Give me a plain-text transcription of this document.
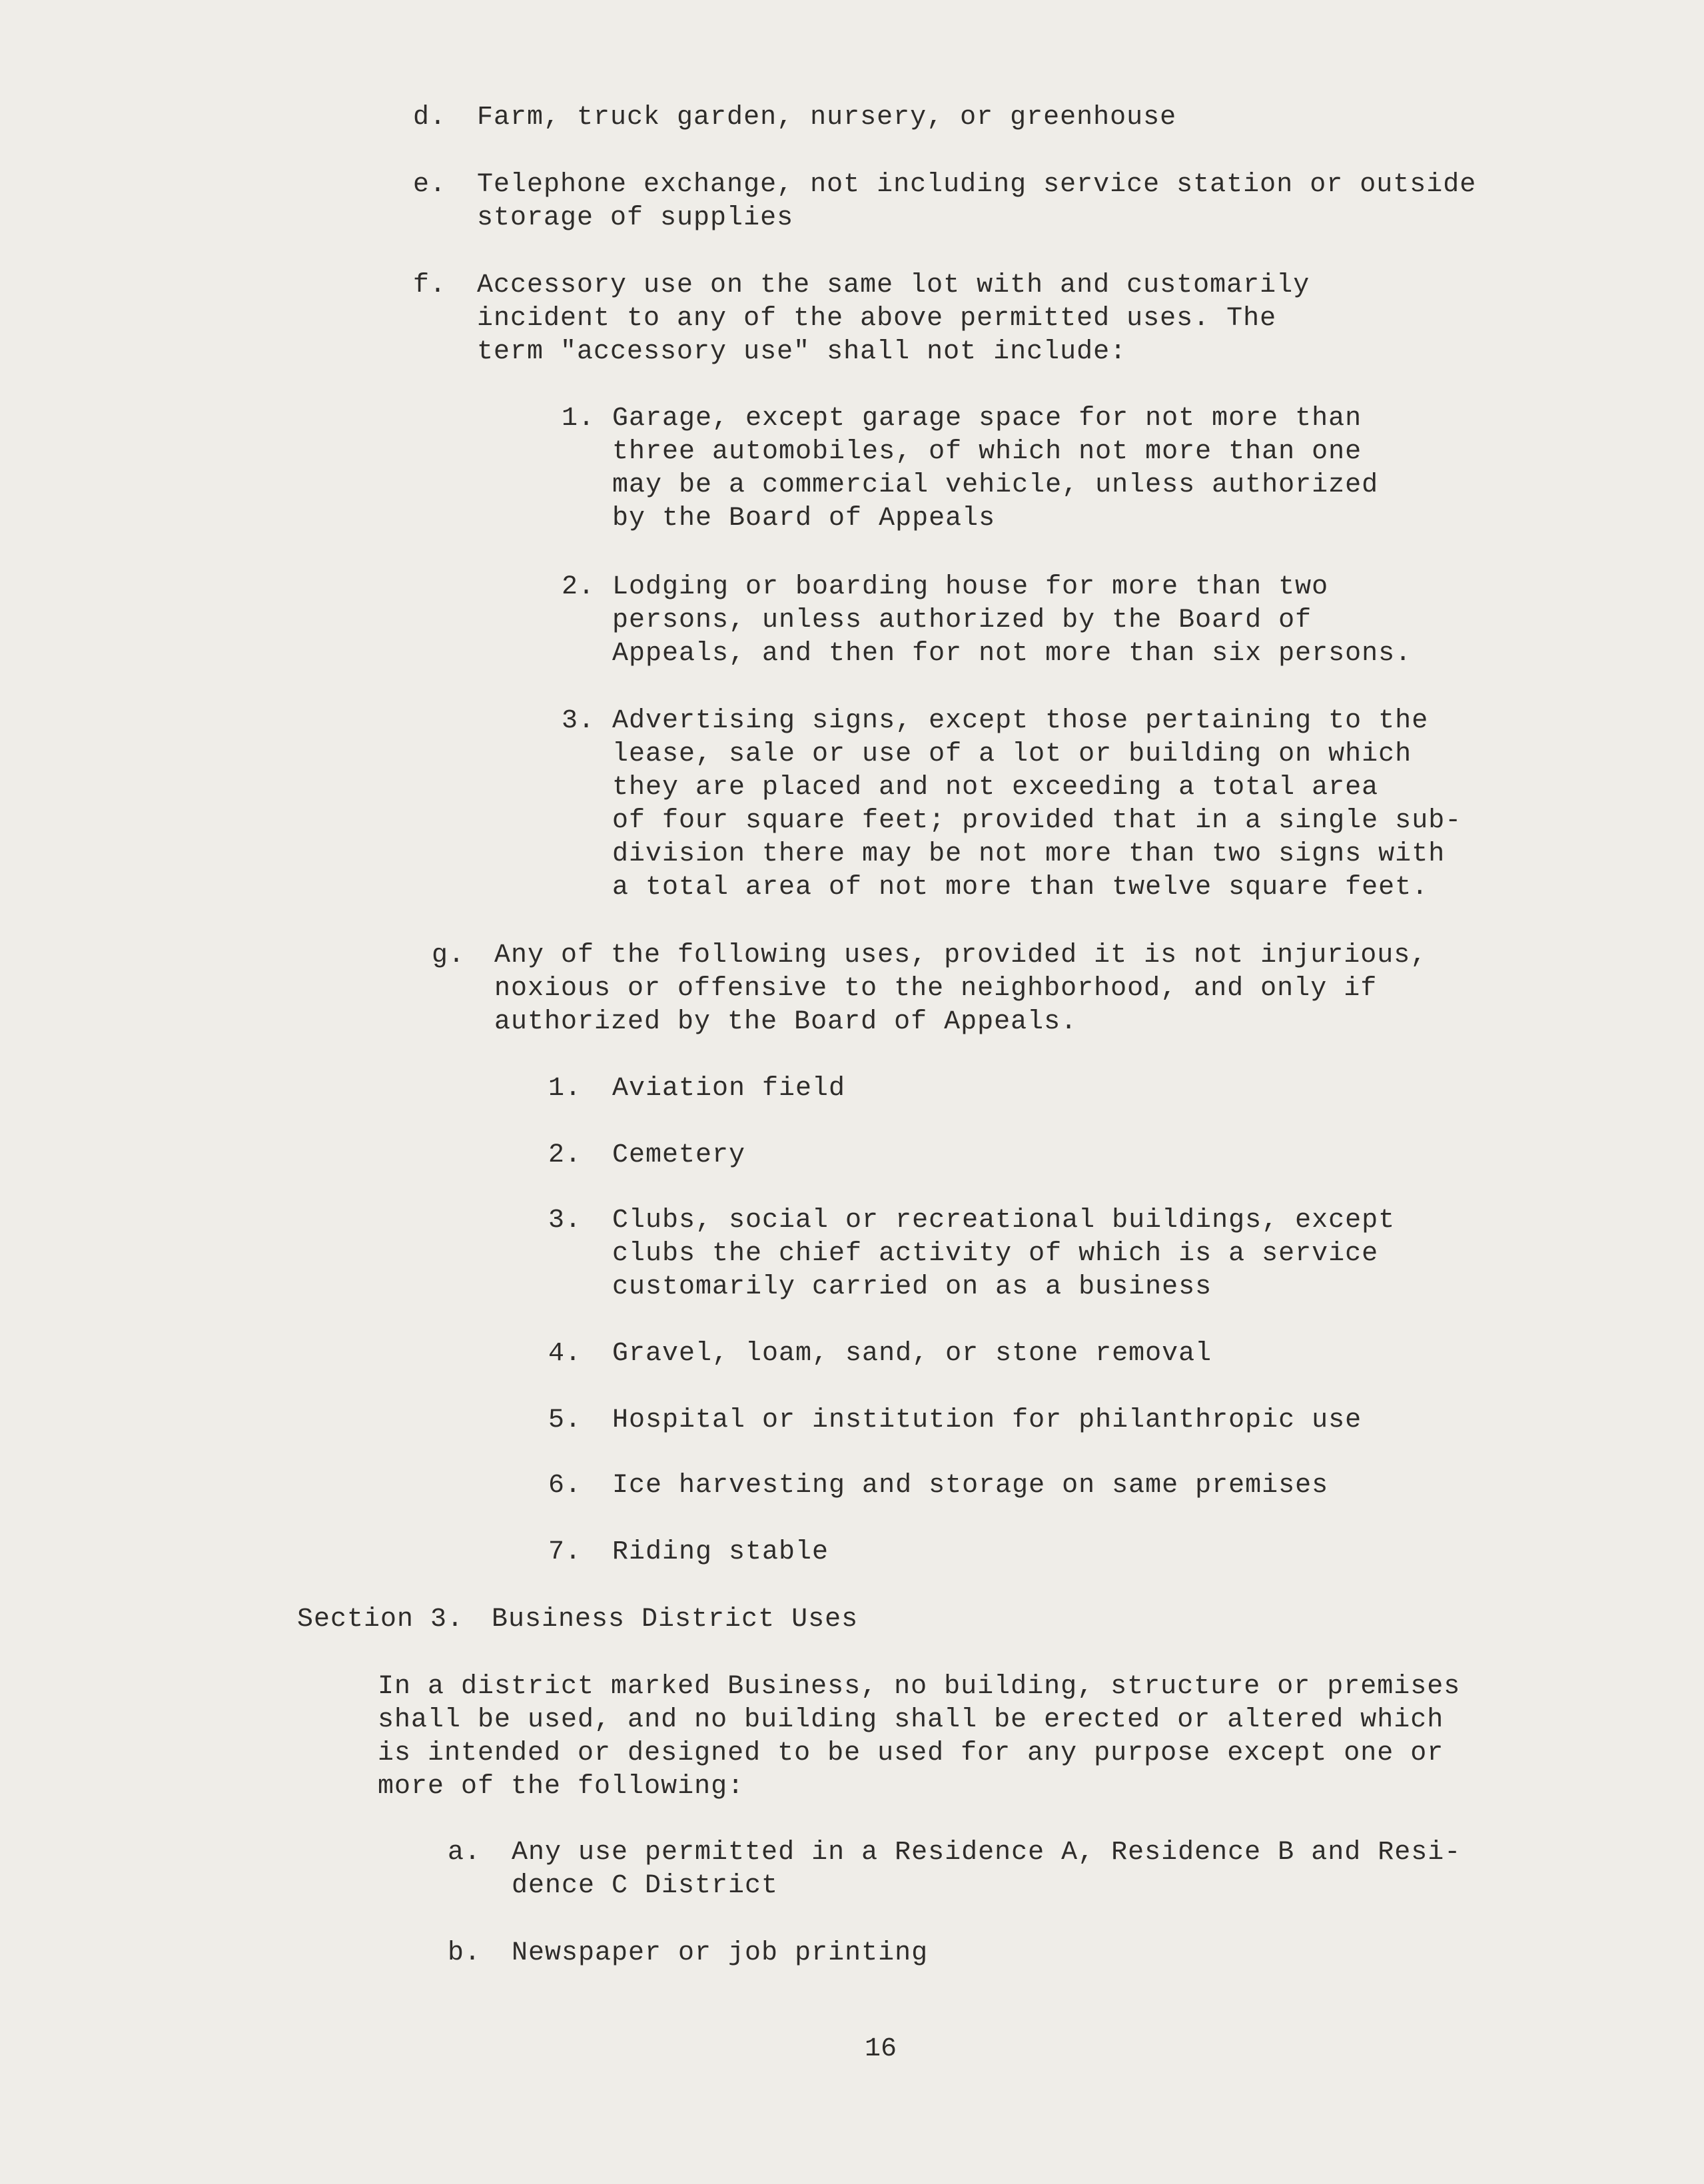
d. Farm, truck garden, nursery, or greenhouse
e. Telephone exchange, not including service station or outside
storage of supplies
f. Accessory use on the same lot with and customarily
incident to any of the above permitted uses. The
term "accessory use" shall not include:
1. Garage, except garage space for not more than
three automobiles, of which not more than one
may be a commercial vehicle, unless authorized
by the Board of Appeals
2. Lodging or boarding house for more than two
persons, unless authorized by the Board of
Appeals, and then for not more than six persons.
3. Advertising signs, except those pertaining to the
lease, sale or use of a lot or building on which
they are placed and not exceeding a total area
of four square feet; provided that in a single sub-
division there may be not more than two signs with
a total area of not more than twelve square feet.
g. Any of the following uses, provided it is not injurious,
noxious or offensive to the neighborhood, and only if
authorized by the Board of Appeals.
1. Aviation field
2. Cemetery
3. Clubs, social or recreational buildings, except
clubs the chief activity of which is a service
customarily carried on as a business
4. Gravel, loam, sand, or stone removal
5. Hospital or institution for philanthropic use
6. Ice harvesting and storage on same premises
7. Riding stable
Section 3. Business District Uses
In a district marked Business, no building, structure or premises
shall be used, and no building shall be erected or altered which
is intended or designed to be used for any purpose except one or
more of the following:
a. Any use permitted in a Residence A, Residence B and Resi-
dence C District
b. Newspaper or job printing
16
